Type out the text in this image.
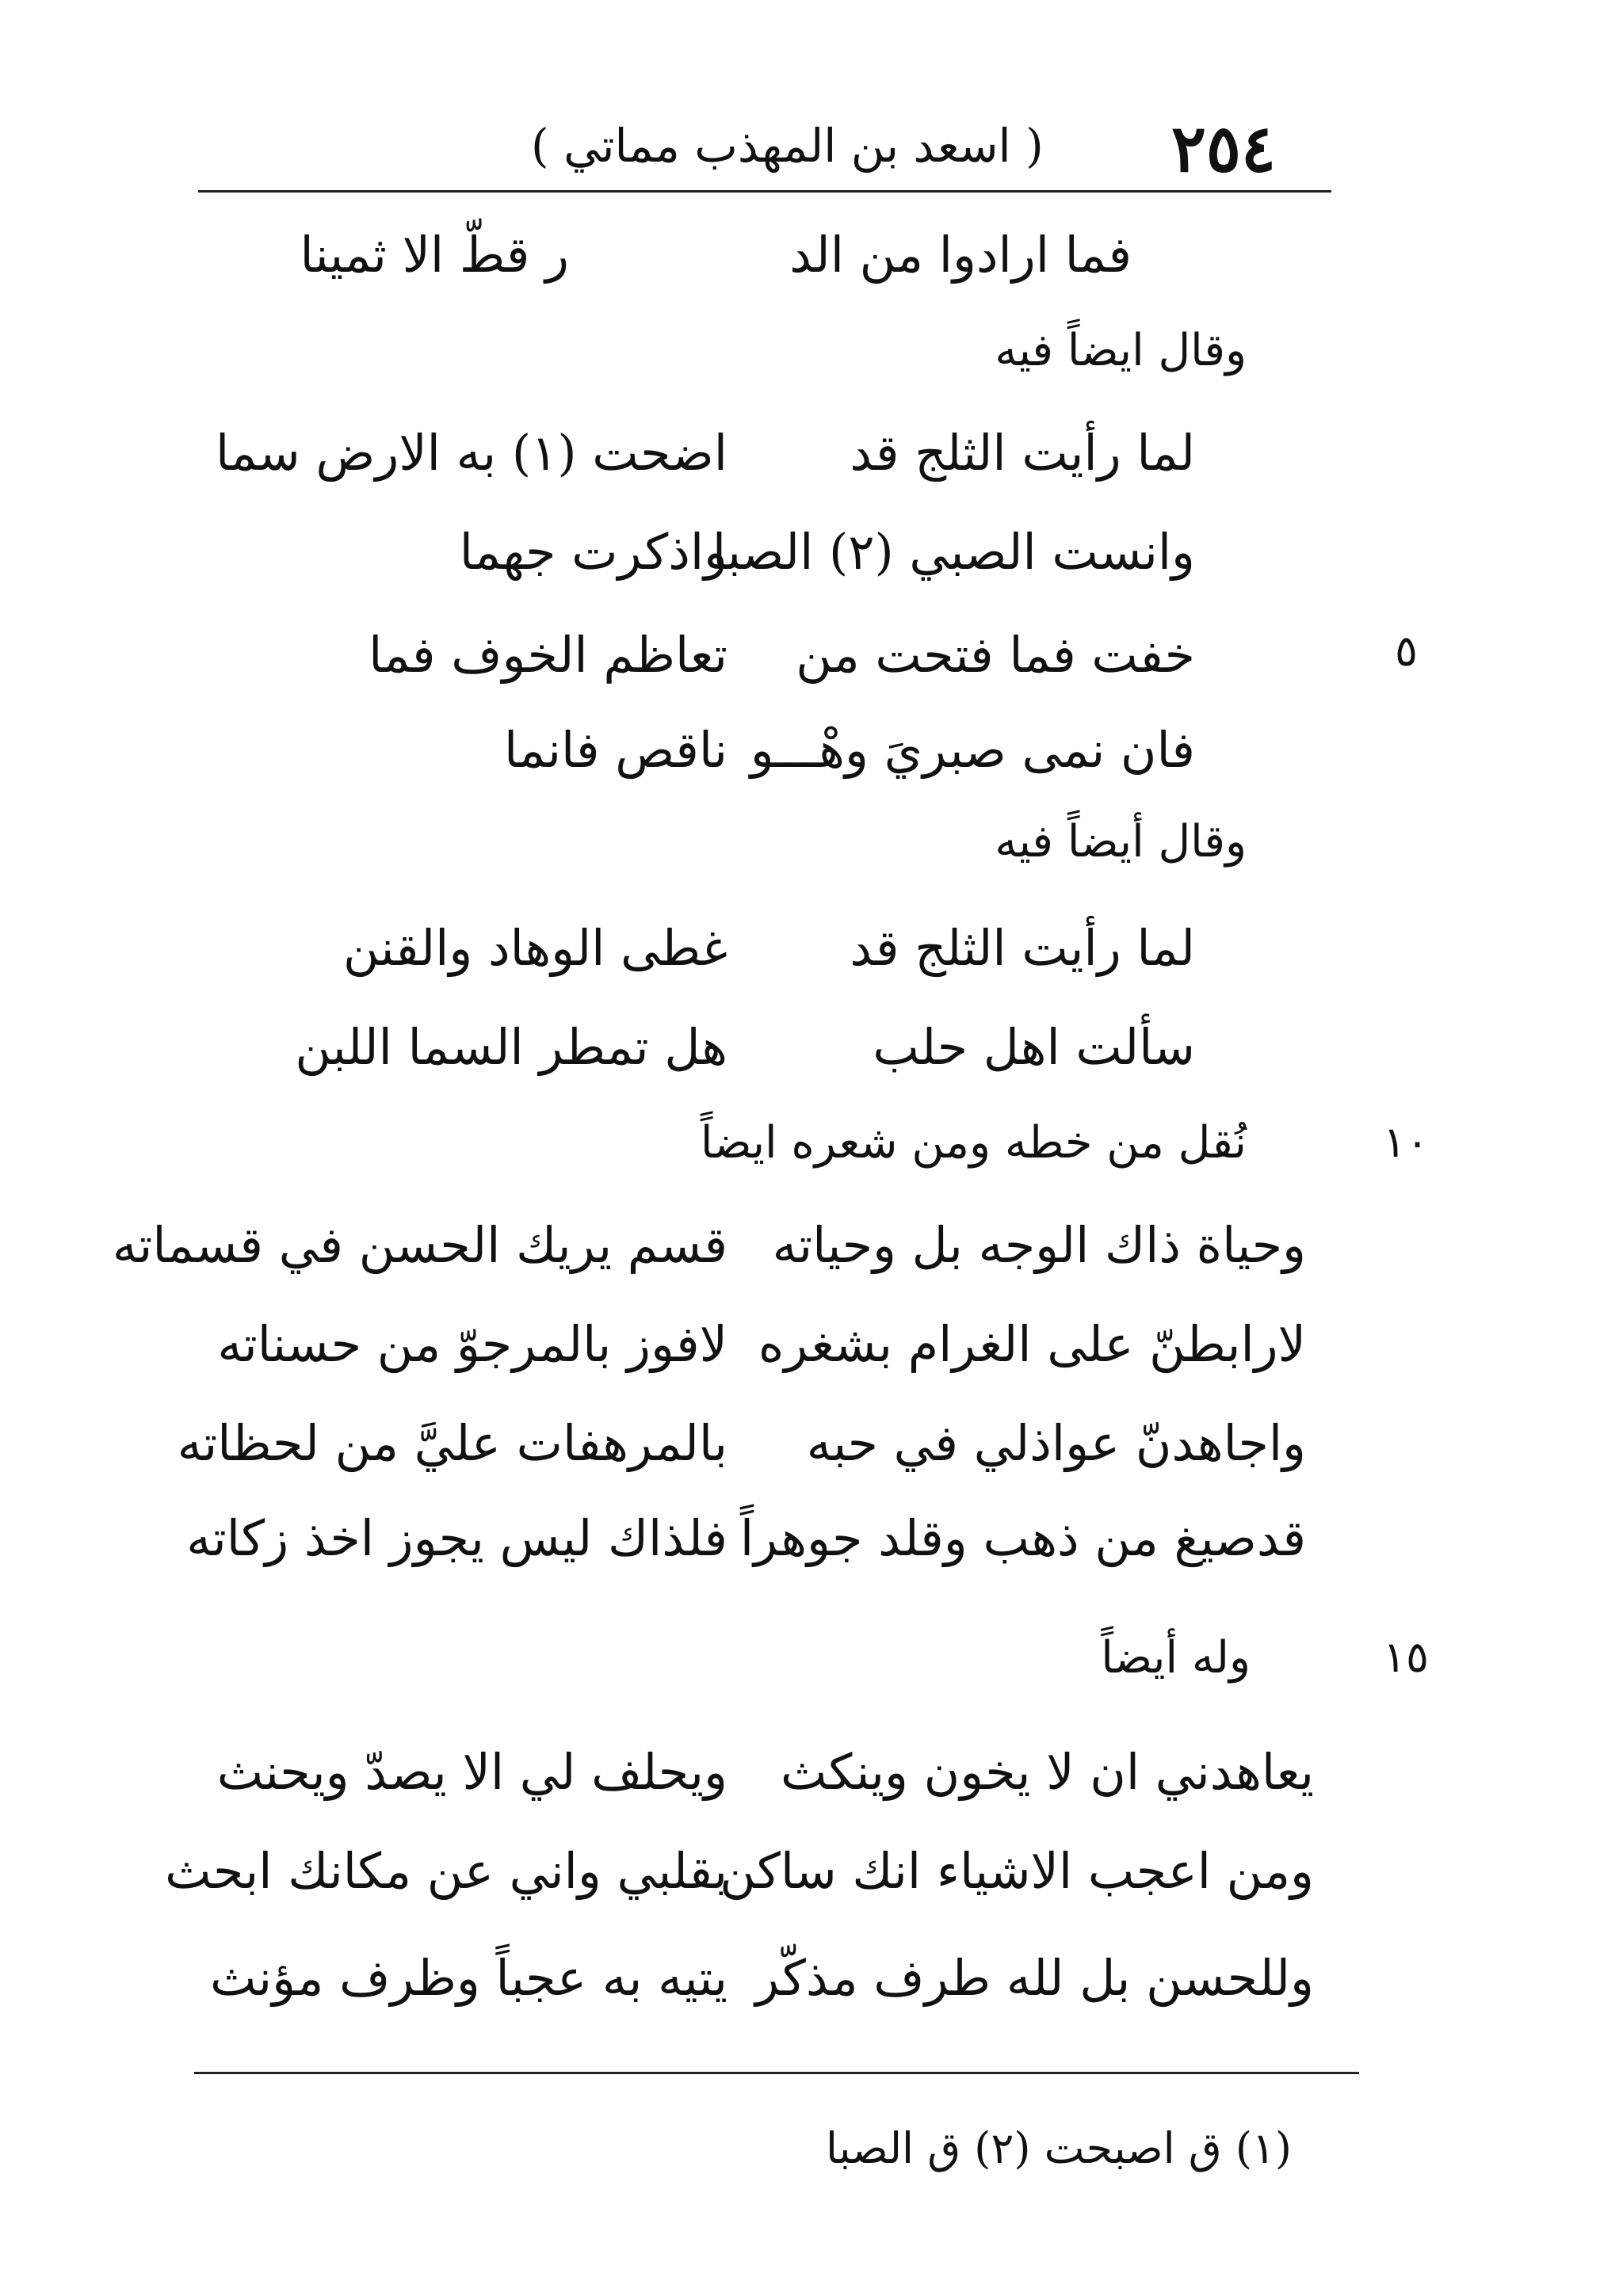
٢٥٤
( اسعد بن المهذب مماتي )
فما ارادوا من الد
ر قطّ الا ثمينا
وقال ايضاً فيه
لما رأيت الثلج قد
اضحت (١) به الارض سما
وانست الصبي (٢) الصبا
واذكرت جهما
٥
خفت فما فتحت من
تعاظم الخوف فما
فان نمى صبريَ وهْـــو
ناقص فانما
وقال أيضاً فيه
لما رأيت الثلج قد
غطى الوهاد والقنن
سألت اهل حلب
هل تمطر السما اللبن
١٠
نُقل من خطه ومن شعره ايضاً
وحياة ذاك الوجه بل وحياته
قسم يريك الحسن في قسماته
لارابطنّ على الغرام بشغره
لافوز بالمرجوّ من حسناته
واجاهدنّ عواذلي في حبه
بالمرهفات عليَّ من لحظاته
قدصيغ من ذهب وقلد جوهراً
فلذاك ليس يجوز اخذ زكاته
١٥
وله أيضاً
يعاهدني ان لا يخون وينكث
ويحلف لي الا يصدّ ويحنث
ومن اعجب الاشياء انك ساكن
بقلبي واني عن مكانك ابحث
وللحسن بل لله طرف مذكّر
يتيه به عجباً وظرف مؤنث
(١) ق اصبحت (٢) ق الصبا
